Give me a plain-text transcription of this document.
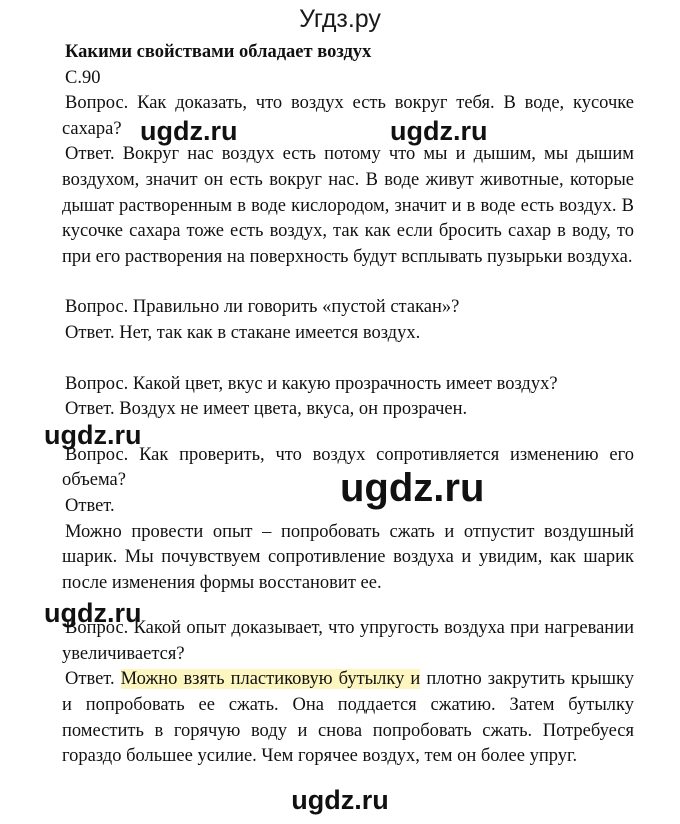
Угдз.ру

Какими свойствами обладает воздух

С.90

Вопрос. Как доказать, что воздух есть вокруг тебя. В воде, кусочке сахара?

Ответ. Вокруг нас воздух есть потому что мы и дышим, мы дышим воздухом, значит он есть вокруг нас. В воде живут животные, которые дышат растворенным в воде кислородом, значит и в воде есть воздух. В кусочке сахара тоже есть воздух, так как если бросить сахар в воду, то при его растворения на поверхность будут всплывать пузырьки воздуха.

Вопрос. Правильно ли говорить «пустой стакан»?

Ответ. Нет, так как в стакане имеется воздух.

Вопрос. Какой цвет, вкус и какую прозрачность имеет воздух?

Ответ. Воздух не имеет цвета, вкуса, он прозрачен.

Вопрос. Как проверить, что воздух сопротивляется изменению его объема?

Ответ.

Можно провести опыт – попробовать сжать и отпустит воздушный шарик. Мы почувствуем сопротивление воздуха и увидим, как шарик после изменения формы восстановит ее.

Вопрос. Какой опыт доказывает, что упругость воздуха при нагревании увеличивается?

Ответ. Можно взять пластиковую бутылку и плотно закрутить крышку и попробовать ее сжать. Она поддается сжатию. Затем бутылку поместить в горячую воду и снова попробовать сжать. Потребуеся гораздо большее усилие. Чем горячее воздух, тем он более упруг.

ugdz.ru	ugdz.ru
ugdz.ru
ugdz.ru
ugdz.ru
ugdz.ru
